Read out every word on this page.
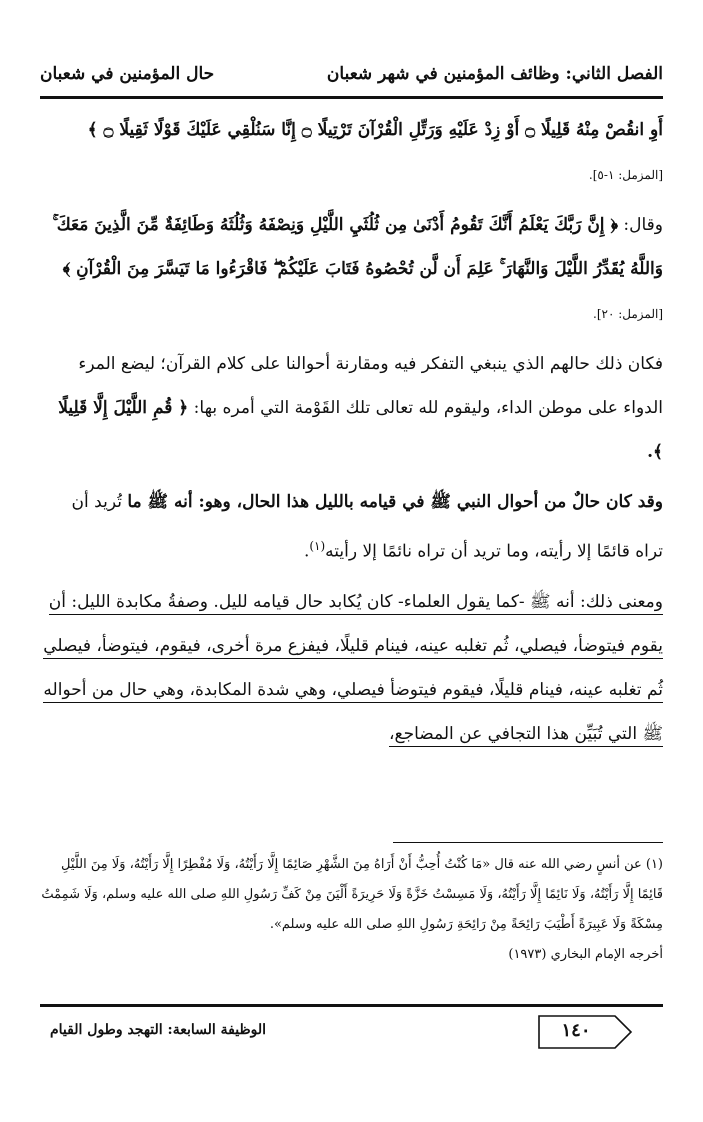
الفصل الثاني: وظائف المؤمنين في شهر شعبان
حال المؤمنين في شعبان

أَوِ انقُصْ مِنْهُ قَلِيلًا ۝ أَوْ زِدْ عَلَيْهِ وَرَتِّلِ الْقُرْآنَ تَرْتِيلًا ۝ إِنَّا سَنُلْقِي عَلَيْكَ قَوْلًا ثَقِيلًا ۝ ﴾ [المزمل: ١-٥].

وقال: ﴿ إِنَّ رَبَّكَ يَعْلَمُ أَنَّكَ تَقُومُ أَدْنَىٰ مِن ثُلُثَيِ اللَّيْلِ وَنِصْفَهُ وَثُلُثَهُ وَطَائِفَةٌ مِّنَ الَّذِينَ مَعَكَ ۚ وَاللَّهُ يُقَدِّرُ اللَّيْلَ وَالنَّهَارَ ۚ عَلِمَ أَن لَّن تُحْصُوهُ فَتَابَ عَلَيْكُمْ ۖ فَاقْرَءُوا مَا تَيَسَّرَ مِنَ الْقُرْآنِ ﴾ [المزمل: ٢٠].

فكان ذلك حالهم الذي ينبغي التفكر فيه ومقارنة أحوالنا على كلام القرآن؛ ليضع المرء الدواء على موطن الداء، وليقوم لله تعالى تلك القَوْمة التي أمره بها: ﴿ قُمِ اللَّيْلَ إِلَّا قَلِيلًا ﴾.

وقد كان حالٌ من أحوال النبي ﷺ في قيامه بالليل هذا الحال، وهو: أنه ﷺ ما تُريد أن تراه قائمًا إلا رأيته، وما تريد أن تراه نائمًا إلا رأيته$^{(١)}$.

ومعنى ذلك: أنه ﷺ -كما يقول العلماء- كان يُكابد حال قيامه لليل. وصفةُ مكابدة الليل: أن يقوم فيتوضأ، فيصلي، ثُم تغلبه عينه، فينام قليلًا، فيفزع مرة أخرى، فيقوم، فيتوضأ، فيصلي ثُم تغلبه عينه، فينام قليلًا، فيقوم فيتوضأ فيصلي، وهي شدة المكابدة، وهي حال من أحواله ﷺ التي تُبَيِّن هذا التجافي عن المضاجع،

(١) عن أنسٍ رضي الله عنه قال «مَا كُنْتُ أُحِبُّ أَنْ أَرَاهُ مِنَ الشَّهْرِ صَائِمًا إِلَّا رَأَيْتُهُ، وَلَا مُفْطِرًا إِلَّا رَأَيْتُهُ، وَلَا مِنَ اللَّيْلِ قَائِمًا إِلَّا رَأَيْتُهُ، وَلَا نَائِمًا إِلَّا رَأَيْتُهُ، وَلَا مَسِسْتُ خَزَّةً وَلَا حَرِيرَةً أَلْيَنَ مِنْ كَفِّ رَسُولِ اللهِ صلى الله عليه وسلم، وَلَا شَمِمْتُ مِسْكَةً وَلَا عَبِيرَةً أَطْيَبَ رَائِحَةً مِنْ رَائِحَةِ رَسُولِ اللهِ صلى الله عليه وسلم».

أخرجه الإمام البخاري (١٩٧٣)

١٤٠
الوظيفة السابعة: التهجد وطول القيام
